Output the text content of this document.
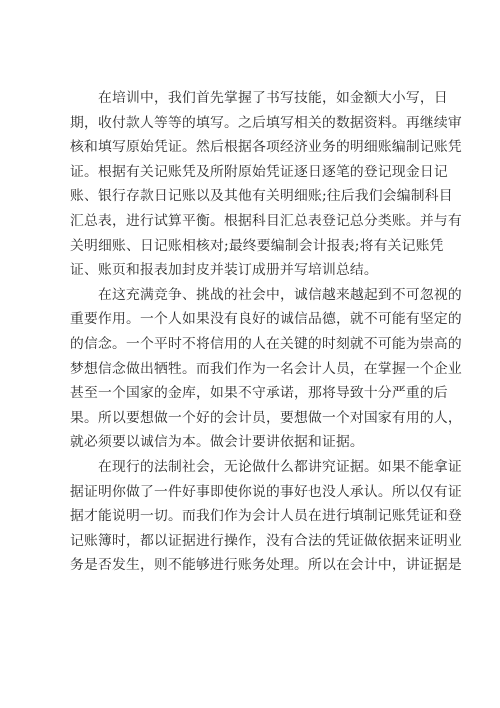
在培训中，我们首先掌握了书写技能，如金额大小写，日
期，收付款人等等的填写。之后填写相关的数据资料。再继续审
核和填写原始凭证。然后根据各项经济业务的明细账编制记账凭
证。根据有关记账凭及所附原始凭证逐日逐笔的登记现金日记
账、银行存款日记账以及其他有关明细账;往后我们会编制科目
汇总表，进行试算平衡。根据科目汇总表登记总分类账。并与有
关明细账、日记账相核对;最终要编制会计报表;将有关记账凭
证、账页和报表加封皮并装订成册并写培训总结。
在这充满竞争、挑战的社会中，诚信越来越起到不可忽视的
重要作用。一个人如果没有良好的诚信品德，就不可能有坚定的
的信念。一个平时不将信用的人在关键的时刻就不可能为崇高的
梦想信念做出牺牲。而我们作为一名会计人员，在掌握一个企业
甚至一个国家的金库，如果不守承诺，那将导致十分严重的后
果。所以要想做一个好的会计员，要想做一个对国家有用的人，
就必须要以诚信为本。做会计要讲依据和证据。
在现行的法制社会，无论做什么都讲究证据。如果不能拿证
据证明你做了一件好事即使你说的事好也没人承认。所以仅有证
据才能说明一切。而我们作为会计人员在进行填制记账凭证和登
记账簿时，都以证据进行操作，没有合法的凭证做依据来证明业
务是否发生，则不能够进行账务处理。所以在会计中，讲证据是
